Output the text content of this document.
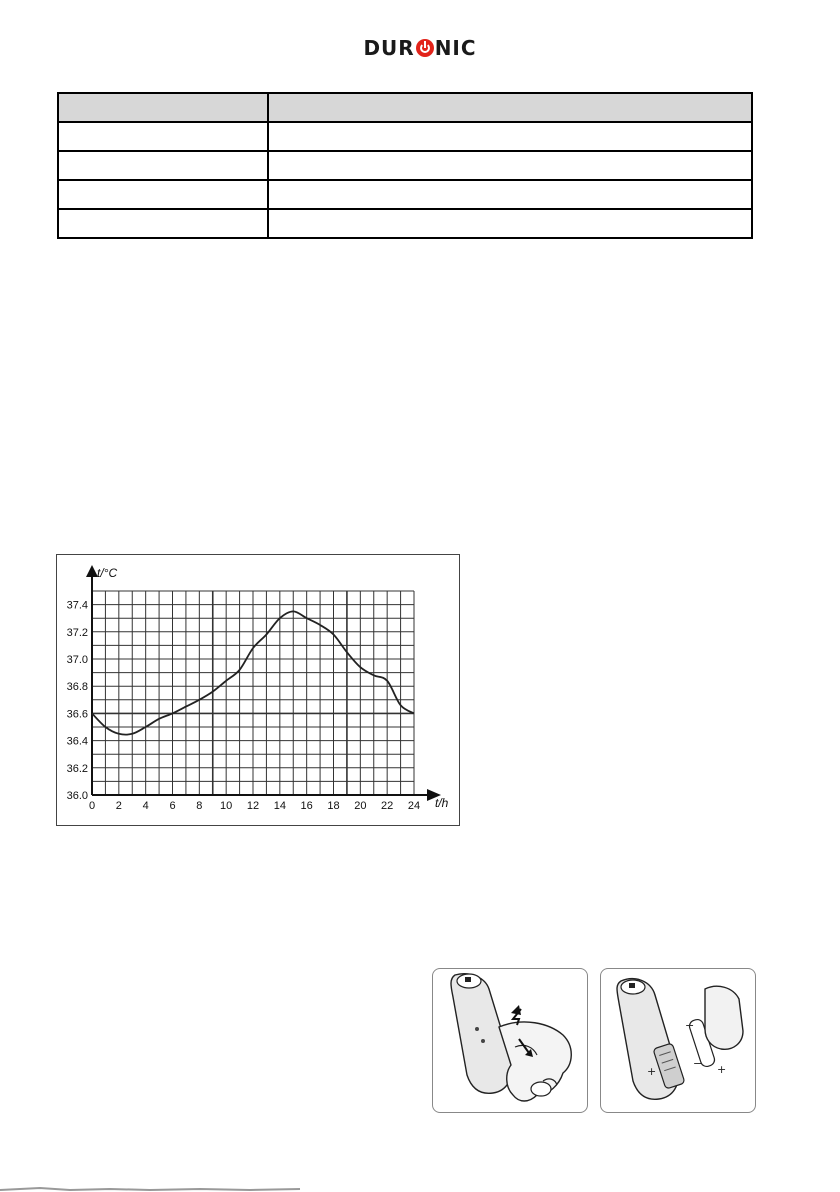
DUR NIC

0 2 4 6 8 10 12 14 16 18 20 22 24
36.0
36.2
36.4
36.6
36.8
37.0
37.2
37.4
t/°C
t/h
+	+
−
−
